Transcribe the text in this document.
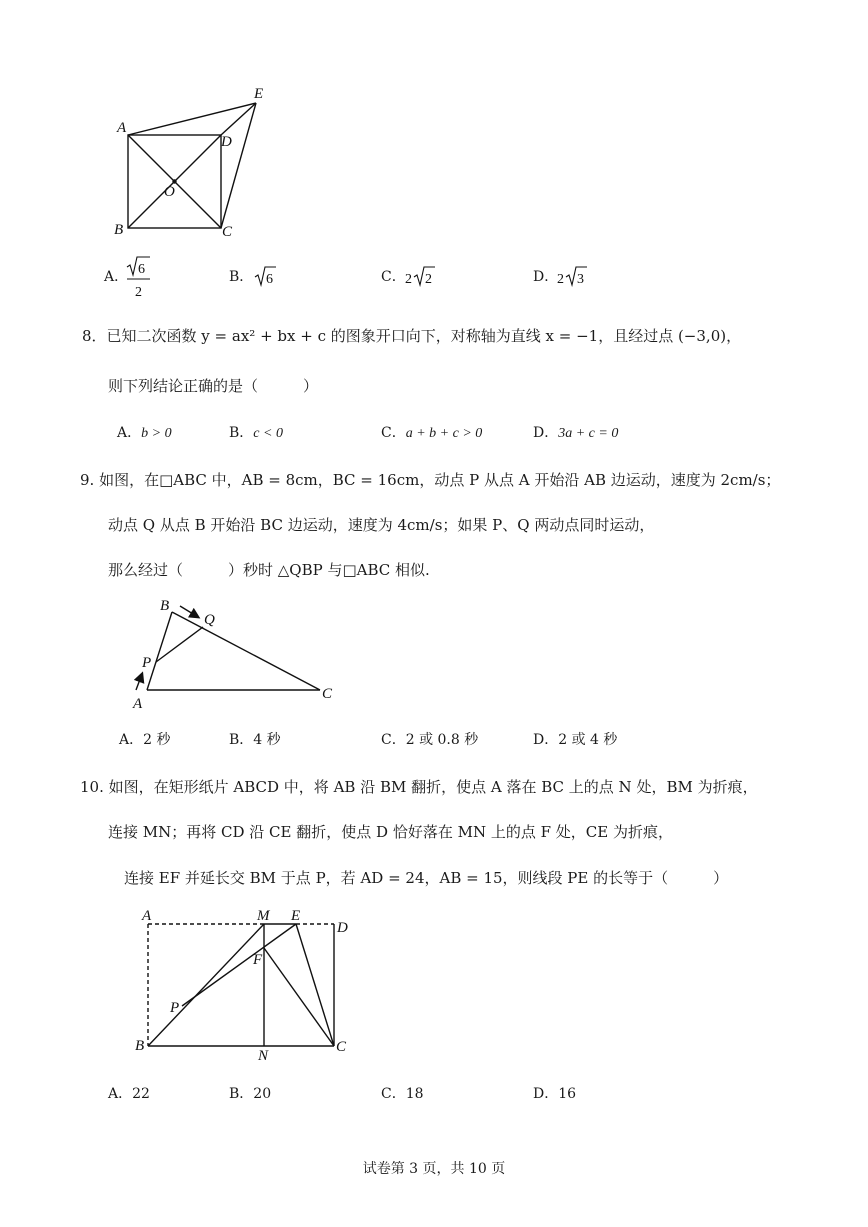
A
B	C
D
E
O
A． 6
2
B． 6	C． 2 2	D．
2 3
8．已知二次函数 y = ax² + bx + c 的图象开口向下，对称轴为直线 x = −1，且经过点 (−3,0)，
则下列结论正确的是（　　　）
A．b > 0	B．c < 0	C．a + b + c > 0	D．3a + c = 0
9. 如图，在□ABC 中，AB = 8cm，BC = 16cm，动点 P 从点 A 开始沿 AB 边运动，速度为 2cm/s；
动点 Q 从点 B 开始沿 BC 边运动，速度为 4cm/s；如果 P、Q 两动点同时运动，
那么经过（　　　）秒时 △QBP 与□ABC 相似.
B
Q
P
A
C
A．2 秒	B．4 秒	C．2 或 0.8 秒	D．2 或 4 秒
10. 如图，在矩形纸片 ABCD 中，将 AB 沿 BM 翻折，使点 A 落在 BC 上的点 N 处，BM 为折痕，
连接 MN；再将 CD 沿 CE 翻折，使点 D 恰好落在 MN 上的点 F 处，CE 为折痕，
连接 EF 并延长交 BM 于点 P，若 AD = 24，AB = 15，则线段 PE 的长等于（　　　）
A	M E
D
F
P
B
N
C
A．22	B．20	C．18	D．16
试卷第 3 页，共 10 页
